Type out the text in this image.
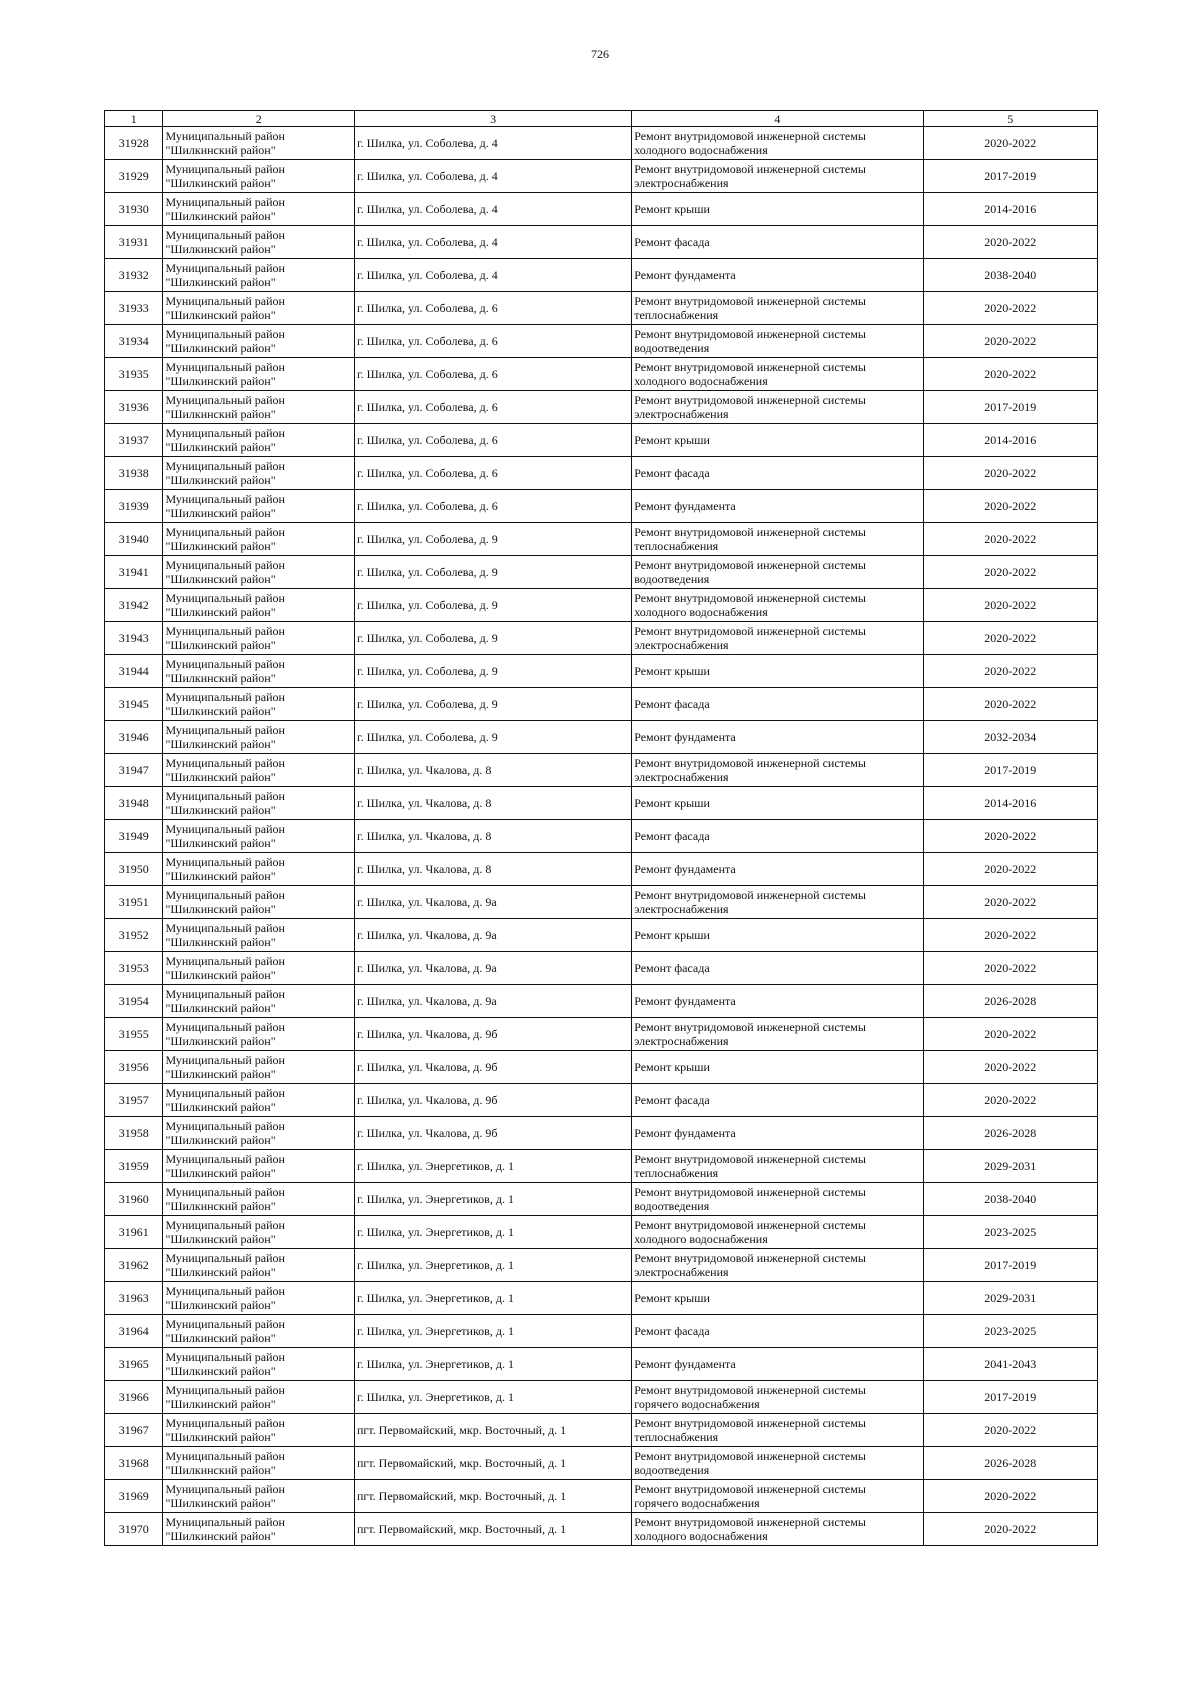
726
1	2	3	4	5
31928	Муниципальный район
"Шилкинский район"	г. Шилка, ул. Соболева, д. 4	Ремонт внутридомовой инженерной системы
холодного водоснабжения	2020-2022
31929	Муниципальный район
"Шилкинский район"	г. Шилка, ул. Соболева, д. 4	Ремонт внутридомовой инженерной системы
электроснабжения	2017-2019
31930	Муниципальный район
"Шилкинский район"	г. Шилка, ул. Соболева, д. 4	Ремонт крыши	2014-2016
31931	Муниципальный район
"Шилкинский район"	г. Шилка, ул. Соболева, д. 4	Ремонт фасада	2020-2022
31932	Муниципальный район
"Шилкинский район"	г. Шилка, ул. Соболева, д. 4	Ремонт фундамента	2038-2040
31933	Муниципальный район
"Шилкинский район"	г. Шилка, ул. Соболева, д. 6	Ремонт внутридомовой инженерной системы
теплоснабжения	2020-2022
31934	Муниципальный район
"Шилкинский район"	г. Шилка, ул. Соболева, д. 6	Ремонт внутридомовой инженерной системы
водоотведения	2020-2022
31935	Муниципальный район
"Шилкинский район"	г. Шилка, ул. Соболева, д. 6	Ремонт внутридомовой инженерной системы
холодного водоснабжения	2020-2022
31936	Муниципальный район
"Шилкинский район"	г. Шилка, ул. Соболева, д. 6	Ремонт внутридомовой инженерной системы
электроснабжения	2017-2019
31937	Муниципальный район
"Шилкинский район"	г. Шилка, ул. Соболева, д. 6	Ремонт крыши	2014-2016
31938	Муниципальный район
"Шилкинский район"	г. Шилка, ул. Соболева, д. 6	Ремонт фасада	2020-2022
31939	Муниципальный район
"Шилкинский район"	г. Шилка, ул. Соболева, д. 6	Ремонт фундамента	2020-2022
31940	Муниципальный район
"Шилкинский район"	г. Шилка, ул. Соболева, д. 9	Ремонт внутридомовой инженерной системы
теплоснабжения	2020-2022
31941	Муниципальный район
"Шилкинский район"	г. Шилка, ул. Соболева, д. 9	Ремонт внутридомовой инженерной системы
водоотведения	2020-2022
31942	Муниципальный район
"Шилкинский район"	г. Шилка, ул. Соболева, д. 9	Ремонт внутридомовой инженерной системы
холодного водоснабжения	2020-2022
31943	Муниципальный район
"Шилкинский район"	г. Шилка, ул. Соболева, д. 9	Ремонт внутридомовой инженерной системы
электроснабжения	2020-2022
31944	Муниципальный район
"Шилкинский район"	г. Шилка, ул. Соболева, д. 9	Ремонт крыши	2020-2022
31945	Муниципальный район
"Шилкинский район"	г. Шилка, ул. Соболева, д. 9	Ремонт фасада	2020-2022
31946	Муниципальный район
"Шилкинский район"	г. Шилка, ул. Соболева, д. 9	Ремонт фундамента	2032-2034
31947	Муниципальный район
"Шилкинский район"	г. Шилка, ул. Чкалова, д. 8	Ремонт внутридомовой инженерной системы
электроснабжения	2017-2019
31948	Муниципальный район
"Шилкинский район"	г. Шилка, ул. Чкалова, д. 8	Ремонт крыши	2014-2016
31949	Муниципальный район
"Шилкинский район"	г. Шилка, ул. Чкалова, д. 8	Ремонт фасада	2020-2022
31950	Муниципальный район
"Шилкинский район"	г. Шилка, ул. Чкалова, д. 8	Ремонт фундамента	2020-2022
31951	Муниципальный район
"Шилкинский район"	г. Шилка, ул. Чкалова, д. 9а	Ремонт внутридомовой инженерной системы
электроснабжения	2020-2022
31952	Муниципальный район
"Шилкинский район"	г. Шилка, ул. Чкалова, д. 9а	Ремонт крыши	2020-2022
31953	Муниципальный район
"Шилкинский район"	г. Шилка, ул. Чкалова, д. 9а	Ремонт фасада	2020-2022
31954	Муниципальный район
"Шилкинский район"	г. Шилка, ул. Чкалова, д. 9а	Ремонт фундамента	2026-2028
31955	Муниципальный район
"Шилкинский район"	г. Шилка, ул. Чкалова, д. 9б	Ремонт внутридомовой инженерной системы
электроснабжения	2020-2022
31956	Муниципальный район
"Шилкинский район"	г. Шилка, ул. Чкалова, д. 9б	Ремонт крыши	2020-2022
31957	Муниципальный район
"Шилкинский район"	г. Шилка, ул. Чкалова, д. 9б	Ремонт фасада	2020-2022
31958	Муниципальный район
"Шилкинский район"	г. Шилка, ул. Чкалова, д. 9б	Ремонт фундамента	2026-2028
31959	Муниципальный район
"Шилкинский район"	г. Шилка, ул. Энергетиков, д. 1	Ремонт внутридомовой инженерной системы
теплоснабжения	2029-2031
31960	Муниципальный район
"Шилкинский район"	г. Шилка, ул. Энергетиков, д. 1	Ремонт внутридомовой инженерной системы
водоотведения	2038-2040
31961	Муниципальный район
"Шилкинский район"	г. Шилка, ул. Энергетиков, д. 1	Ремонт внутридомовой инженерной системы
холодного водоснабжения	2023-2025
31962	Муниципальный район
"Шилкинский район"	г. Шилка, ул. Энергетиков, д. 1	Ремонт внутридомовой инженерной системы
электроснабжения	2017-2019
31963	Муниципальный район
"Шилкинский район"	г. Шилка, ул. Энергетиков, д. 1	Ремонт крыши	2029-2031
31964	Муниципальный район
"Шилкинский район"	г. Шилка, ул. Энергетиков, д. 1	Ремонт фасада	2023-2025
31965	Муниципальный район
"Шилкинский район"	г. Шилка, ул. Энергетиков, д. 1	Ремонт фундамента	2041-2043
31966	Муниципальный район
"Шилкинский район"	г. Шилка, ул. Энергетиков, д. 1	Ремонт внутридомовой инженерной системы
горячего водоснабжения	2017-2019
31967	Муниципальный район
"Шилкинский район"	пгт. Первомайский, мкр. Восточный, д. 1	Ремонт внутридомовой инженерной системы
теплоснабжения	2020-2022
31968	Муниципальный район
"Шилкинский район"	пгт. Первомайский, мкр. Восточный, д. 1	Ремонт внутридомовой инженерной системы
водоотведения	2026-2028
31969	Муниципальный район
"Шилкинский район"	пгт. Первомайский, мкр. Восточный, д. 1	Ремонт внутридомовой инженерной системы
горячего водоснабжения	2020-2022
31970	Муниципальный район
"Шилкинский район"	пгт. Первомайский, мкр. Восточный, д. 1	Ремонт внутридомовой инженерной системы
холодного водоснабжения	2020-2022
